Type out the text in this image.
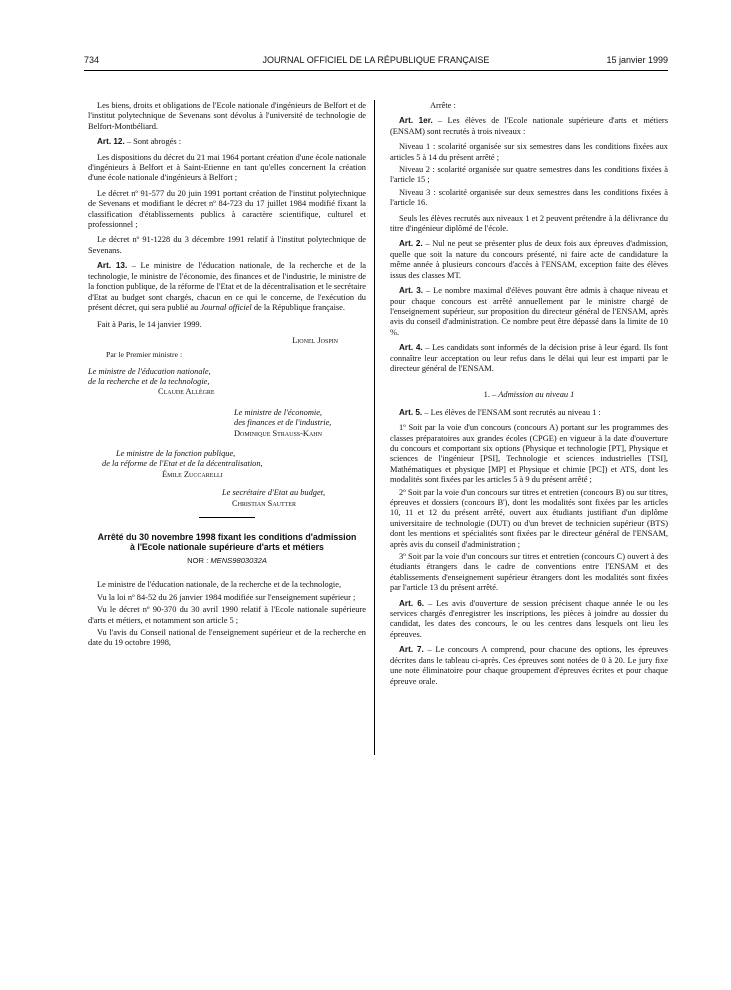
734	JOURNAL OFFICIEL DE LA RÉPUBLIQUE FRANÇAISE	15 janvier 1999

Les biens, droits et obligations de l'Ecole nationale d'ingénieurs de Belfort et de l'institut polytechnique de Sevenans sont dévolus à l'université de technologie de Belfort-Montbéliard.

Art. 12. – Sont abrogés :

Les dispositions du décret du 21 mai 1964 portant création d'une école nationale d'ingénieurs à Belfort et à Saint-Etienne en tant qu'elles concernent la création d'une école nationale d'ingénieurs à Belfort ;

Le décret nº 91-577 du 20 juin 1991 portant création de l'institut polytechnique de Sevenans et modifiant le décret nº 84-723 du 17 juillet 1984 modifié fixant la classification d'établissements publics à caractère scientifique, culturel et professionnel ;

Le décret nº 91-1228 du 3 décembre 1991 relatif à l'institut polytechnique de Sevenans.

Art. 13. – Le ministre de l'éducation nationale, de la recherche et de la technologie, le ministre de l'économie, des finances et de l'industrie, le ministre de la fonction publique, de la réforme de l'Etat et de la décentralisation et le secrétaire d'Etat au budget sont chargés, chacun en ce qui le concerne, de l'exécution du présent décret, qui sera publié au Journal officiel de la République française.

Fait à Paris, le 14 janvier 1999.

Lionel Jospin
Par le Premier ministre :
Le ministre de l'éducation nationale,
de la recherche et de la technologie,
Claude Allègre
Le ministre de l'économie,
des finances et de l'industrie,
Dominique Strauss-Kahn
Le ministre de la fonction publique,
de la réforme de l'Etat et de la décentralisation,
Émile Zuccarelli
Le secrétaire d'Etat au budget,
Christian Sautter
Arrêté du 30 novembre 1998 fixant les conditions d'admission à l'Ecole nationale supérieure d'arts et métiers
NOR : MENS9803032A

Le ministre de l'éducation nationale, de la recherche et de la technologie,

Vu la loi nº 84-52 du 26 janvier 1984 modifiée sur l'enseignement supérieur ;

Vu le décret nº 90-370 du 30 avril 1990 relatif à l'Ecole nationale supérieure d'arts et métiers, et notamment son article 5 ;

Vu l'avis du Conseil national de l'enseignement supérieur et de la recherche en date du 19 octobre 1998,

Arrête :

Art. 1er. – Les élèves de l'Ecole nationale supérieure d'arts et métiers (ENSAM) sont recrutés à trois niveaux :

Niveau 1 : scolarité organisée sur six semestres dans les conditions fixées aux articles 5 à 14 du présent arrêté ;

Niveau 2 : scolarité organisée sur quatre semestres dans les conditions fixées à l'article 15 ;

Niveau 3 : scolarité organisée sur deux semestres dans les conditions fixées à l'article 16.

Seuls les élèves recrutés aux niveaux 1 et 2 peuvent prétendre à la délivrance du titre d'ingénieur diplômé de l'école.

Art. 2. – Nul ne peut se présenter plus de deux fois aux épreuves d'admission, quelle que soit la nature du concours présenté, ni faire acte de candidature la même année à plusieurs concours d'accès à l'ENSAM, exception faite des élèves issus des classes MT.

Art. 3. – Le nombre maximal d'élèves pouvant être admis à chaque niveau et pour chaque concours est arrêté annuellement par le ministre chargé de l'enseignement supérieur, sur proposition du directeur général de l'ENSAM, après avis du conseil d'administration. Ce nombre peut être dépassé dans la limite de 10 %.

Art. 4. – Les candidats sont informés de la décision prise à leur égard. Ils font connaître leur acceptation ou leur refus dans le délai qui leur est imparti par le directeur général de l'ENSAM.

1. – Admission au niveau 1

Art. 5. – Les élèves de l'ENSAM sont recrutés au niveau 1 :

1º Soit par la voie d'un concours (concours A) portant sur les programmes des classes préparatoires aux grandes écoles (CPGE) en vigueur à la date d'ouverture du concours et comportant six options (Physique et technologie [PT], Physique et sciences de l'ingénieur [PSI], Technologie et sciences industrielles [TSI], Mathématiques et physique [MP] et Physique et chimie [PC]) et ATS, dont les modalités sont fixées par les articles 5 à 9 du présent arrêté ;

2º Soit par la voie d'un concours sur titres et entretien (concours B) ou sur titres, épreuves et dossiers (concours B'), dont les modalités sont fixées par les articles 10, 11 et 12 du présent arrêté, ouvert aux étudiants justifiant d'un diplôme universitaire de technologie (DUT) ou d'un brevet de technicien supérieur (BTS) dont les mentions et spécialités sont fixées par le directeur général de l'ENSAM, après avis du conseil d'administration ;

3º Soit par la voie d'un concours sur titres et entretien (concours C) ouvert à des étudiants étrangers dans le cadre de conventions entre l'ENSAM et des établissements d'enseignement supérieur étrangers dont les modalités sont fixées par l'article 13 du présent arrêté.

Art. 6. – Les avis d'ouverture de session précisent chaque année le ou les services chargés d'enregistrer les inscriptions, les pièces à joindre au dossier du candidat, les dates des concours, le ou les centres dans lesquels ont lieu les épreuves.

Art. 7. – Le concours A comprend, pour chacune des options, les épreuves décrites dans le tableau ci-après. Ces épreuves sont notées de 0 à 20. Le jury fixe une note éliminatoire pour chaque groupement d'épreuves écrites et pour chaque épreuve orale.
